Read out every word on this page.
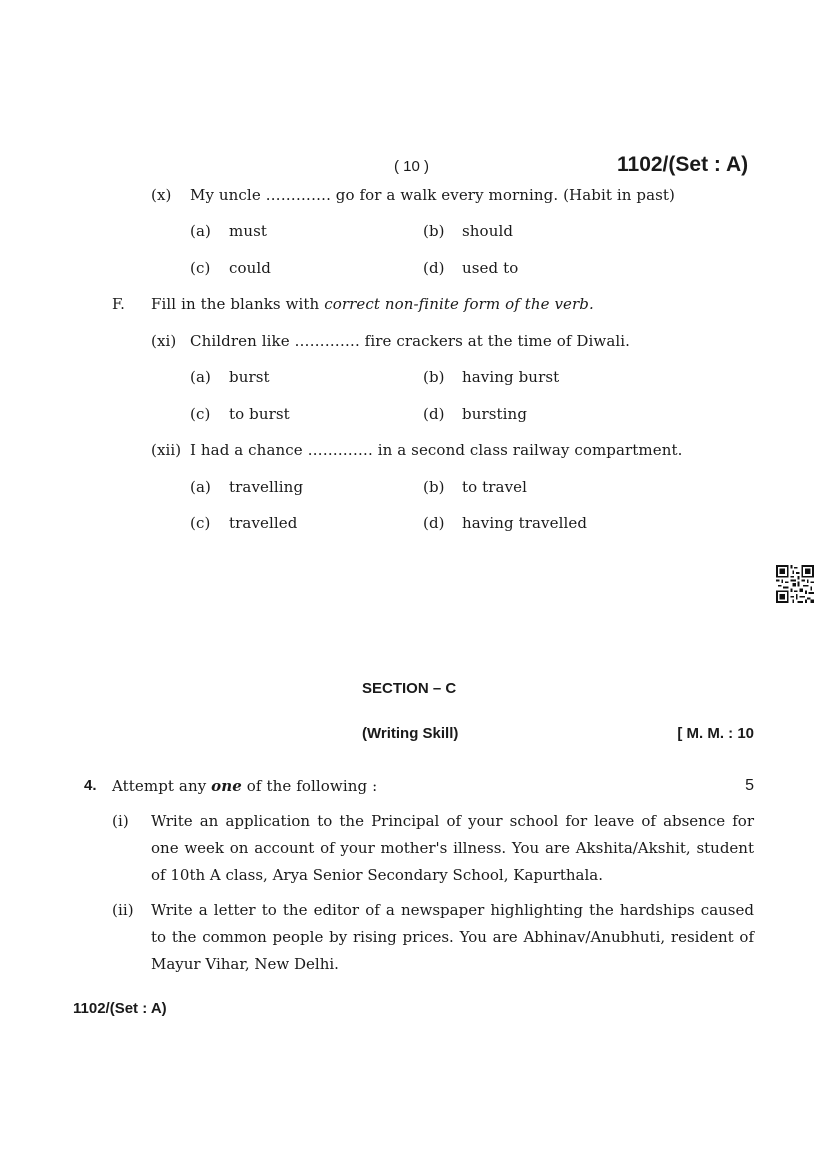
( 10 )	1102/(Set : A)
(x) My uncle …………. go for a walk every morning. (Habit in past)
(a) must	(b) should
(c) could	(d) used to
F. Fill in the blanks with correct non-finite form of the verb.
(xi) Children like …………. fire crackers at the time of Diwali.
(a) burst	(b) having burst
(c) to burst	(d) bursting
(xii) I had a chance …………. in a second class railway compartment.
(a) travelling	(b) to travel
(c) travelled	(d) having travelled
SECTION – C
(Writing Skill)	[ M. M. : 10
4. Attempt any one of the following :	5
(i) Write an application to the Principal of your school for leave of absence for one week on account of your mother's illness. You are Akshita/Akshit, student of 10th A class, Arya Senior Secondary School, Kapurthala.
(ii) Write a letter to the editor of a newspaper highlighting the hardships caused to the common people by rising prices. You are Abhinav/Anubhuti, resident of Mayur Vihar, New Delhi.
1102/(Set : A)
